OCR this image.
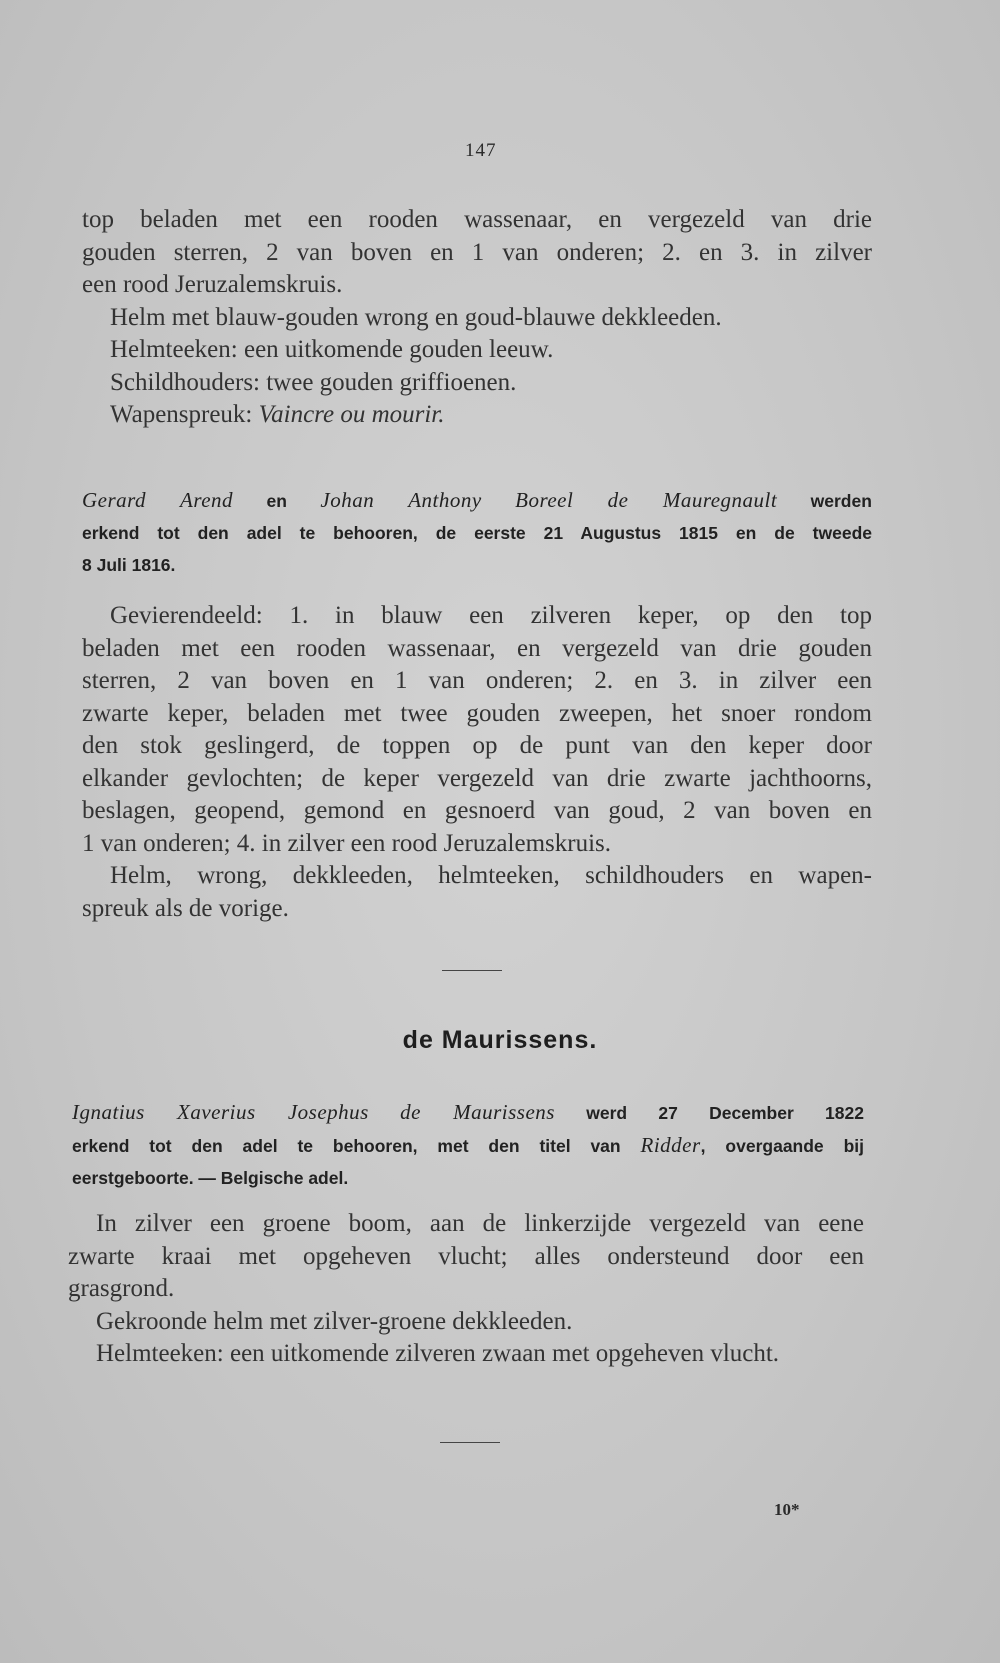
147

top beladen met een rooden wassenaar, en vergezeld van drie

gouden sterren, 2 van boven en 1 van onderen; 2. en 3. in zilver

een rood Jeruzalemskruis.

Helm met blauw-gouden wrong en goud-blauwe dekkleeden.

Helmteeken: een uitkomende gouden leeuw.

Schildhouders: twee gouden griffioenen.

Wapenspreuk: Vaincre ou mourir.

Gerard Arend en Johan Anthony Boreel de Mauregnault werden

erkend tot den adel te behooren, de eerste 21 Augustus 1815 en de tweede

8 Juli 1816.

Gevierendeeld: 1. in blauw een zilveren keper, op den top

beladen met een rooden wassenaar, en vergezeld van drie gouden

sterren, 2 van boven en 1 van onderen; 2. en 3. in zilver een

zwarte keper, beladen met twee gouden zweepen, het snoer rondom

den stok geslingerd, de toppen op de punt van den keper door

elkander gevlochten; de keper vergezeld van drie zwarte jachthoorns,

beslagen, geopend, gemond en gesnoerd van goud, 2 van boven en

1 van onderen; 4. in zilver een rood Jeruzalemskruis.

Helm, wrong, dekkleeden, helmteeken, schildhouders en wapen-

spreuk als de vorige.

de Maurissens.

Ignatius Xaverius Josephus de Maurissens werd 27 December 1822

erkend tot den adel te behooren, met den titel van Ridder, overgaande bij

eerstgeboorte. — Belgische adel.

In zilver een groene boom, aan de linkerzijde vergezeld van eene

zwarte kraai met opgeheven vlucht; alles ondersteund door een

grasgrond.

Gekroonde helm met zilver-groene dekkleeden.

Helmteeken: een uitkomende zilveren zwaan met opgeheven vlucht.

10*
